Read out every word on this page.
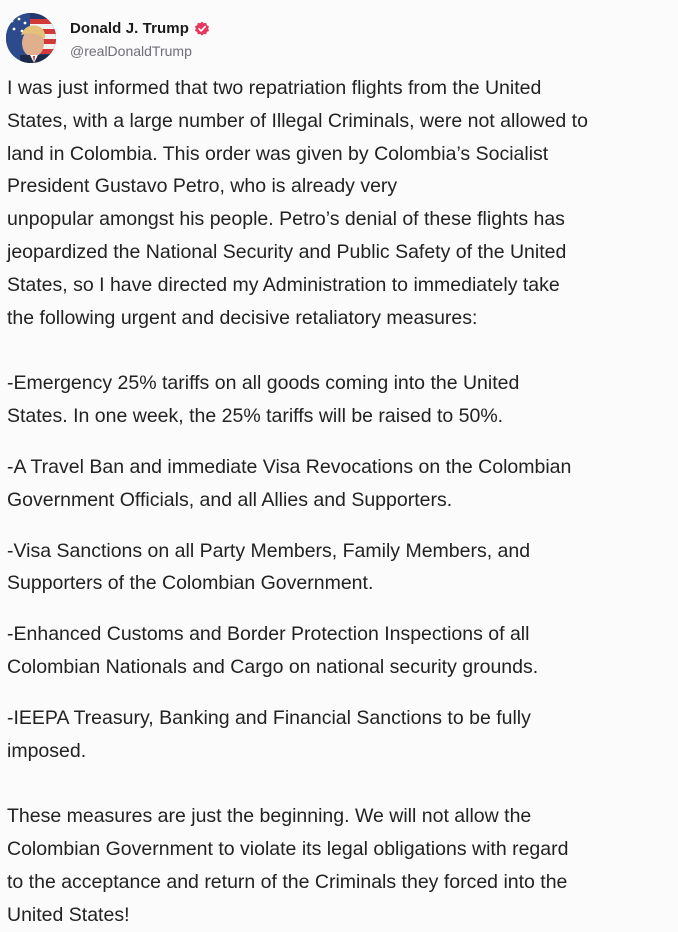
Donald J. Trump
@realDonaldTrump

I was just informed that two repatriation flights from the United
States, with a large number of Illegal Criminals, were not allowed to
land in Colombia. This order was given by Colombia’s Socialist
President Gustavo Petro, who is already very
unpopular amongst his people. Petro’s denial of these flights has
jeopardized the National Security and Public Safety of the United
States, so I have directed my Administration to immediately take
the following urgent and decisive retaliatory measures:

-Emergency 25% tariffs on all goods coming into the United
States. In one week, the 25% tariffs will be raised to 50%.

-A Travel Ban and immediate Visa Revocations on the Colombian
Government Officials, and all Allies and Supporters.

-Visa Sanctions on all Party Members, Family Members, and
Supporters of the Colombian Government.

-Enhanced Customs and Border Protection Inspections of all
Colombian Nationals and Cargo on national security grounds.

-IEEPA Treasury, Banking and Financial Sanctions to be fully
imposed.

These measures are just the beginning. We will not allow the
Colombian Government to violate its legal obligations with regard
to the acceptance and return of the Criminals they forced into the
United States!
